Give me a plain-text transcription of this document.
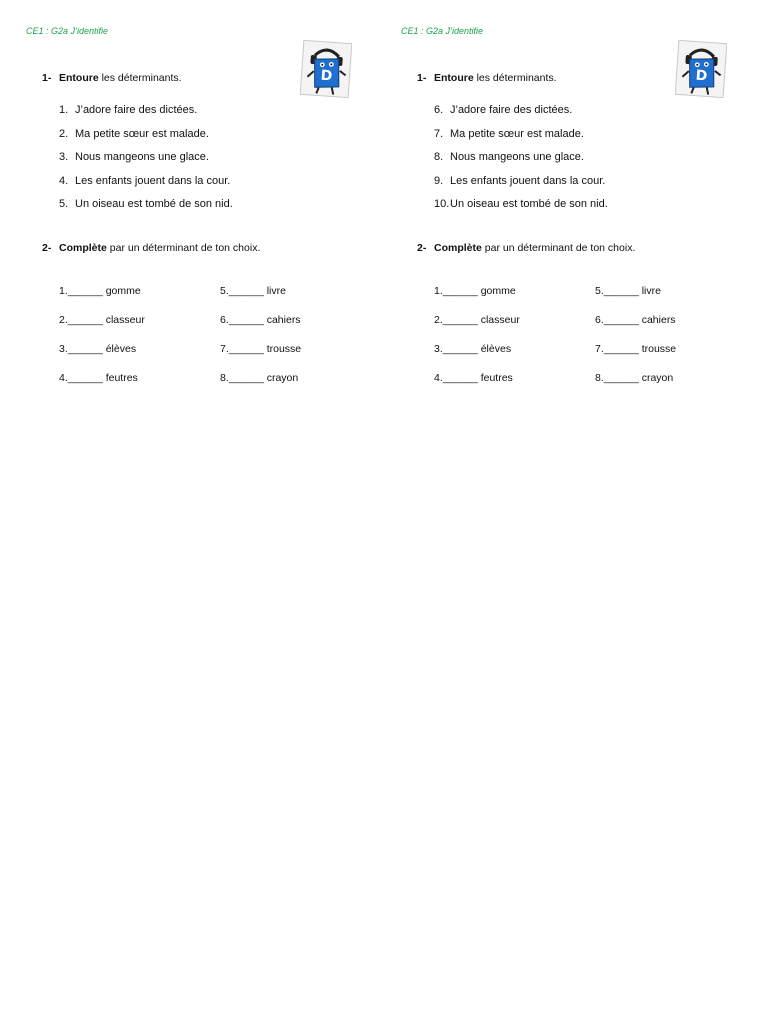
CE1 : G2a J’identifie
1- Entoure les déterminants.	D
1. J’adore faire des dictées.
2. Ma petite sœur est malade.
3. Nous mangeons une glace.
4. Les enfants jouent dans la cour.
5. Un oiseau est tombé de son nid.
2- Complète par un déterminant de ton choix.
1.______ gomme
2.______ classeur
3.______ élèves
4.______ feutres
5.______ livre
6.______ cahiers
7.______ trousse
8.______ crayon
CE1 : G2a J’identifie
1- Entoure les déterminants.	D
6. J’adore faire des dictées.
7. Ma petite sœur est malade.
8. Nous mangeons une glace.
9. Les enfants jouent dans la cour.
10.Un oiseau est tombé de son nid.
2- Complète par un déterminant de ton choix.
1.______ gomme
2.______ classeur
3.______ élèves
4.______ feutres
5.______ livre
6.______ cahiers
7.______ trousse
8.______ crayon
